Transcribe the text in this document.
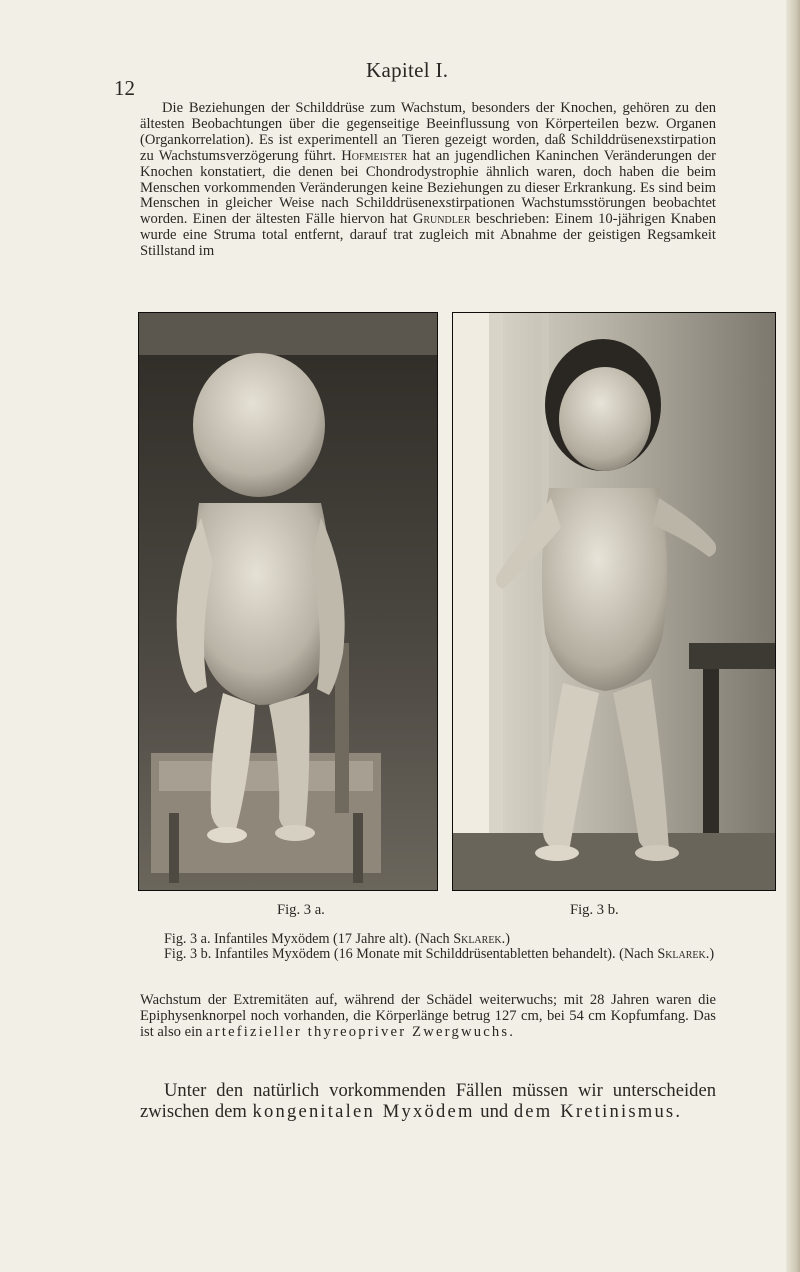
12
Kapitel I.

Die Beziehungen der Schilddrüse zum Wachstum, besonders der Knochen, gehören zu den ältesten Beobachtungen über die gegenseitige Beeinflussung von Körperteilen bezw. Organen (Organkorrelation). Es ist experimentell an Tieren gezeigt worden, daß Schilddrüsenexstirpation zu Wachstumsverzögerung führt. Hofmeister hat an jugendlichen Kaninchen Veränderungen der Knochen konstatiert, die denen bei Chondrodystrophie ähnlich waren, doch haben die beim Menschen vorkommenden Veränderungen keine Beziehungen zu dieser Erkrankung. Es sind beim Menschen in gleicher Weise nach Schilddrüsenexstirpationen Wachstumsstörungen beobachtet worden. Einen der ältesten Fälle hiervon hat Grundler beschrieben: Einem 10-jährigen Knaben wurde eine Struma total entfernt, darauf trat zugleich mit Abnahme der geistigen Regsamkeit Stillstand im

Fig. 3 a.	Fig. 3 b.

Fig. 3 a. Infantiles Myxödem (17 Jahre alt). (Nach Sklarek.)

Fig. 3 b. Infantiles Myxödem (16 Monate mit Schilddrüsentabletten behandelt). (Nach Sklarek.)

Wachstum der Extremitäten auf, während der Schädel weiterwuchs; mit 28 Jahren waren die Epiphysenknorpel noch vorhanden, die Körperlänge betrug 127 cm, bei 54 cm Kopfumfang. Das ist also ein artefizieller thyreopriver Zwergwuchs.

Unter den natürlich vorkommenden Fällen müssen wir unterscheiden zwischen dem kongenitalen Myxödem und dem Kretinismus.
